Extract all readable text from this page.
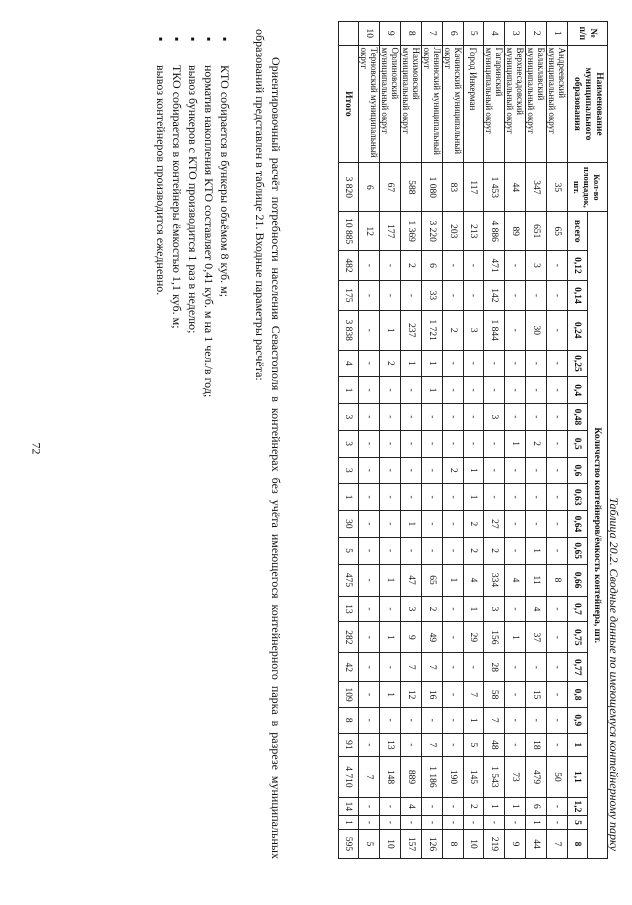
72
Таблица 20.2. Сводные данные по имеющемуся контейнерному парку
№ п/п	Наименование муниципального образования	Кол-во площадок, шт.	Количество контейнеров/ёмкость контейнера, шт.																						
			всего	0,12	0,14	0,24	0,25	0,4	0,48	0,5	0,6	0,63	0,64	0,65	0,66	0,7	0,75	0,77	0,8	0,9	1	1,1	1,2	5	8
1	Андреевский муниципальный округ	35	65	-	-	-	-	-	-	-	-	-	-	-	8	-	-	-	-	-	-	50	-	-	7
2	Балаклавский муниципальный округ	347	651	3	-	30	-	-	-	2	-	-	-	1	11	4	37	-	15	-	18	479	6	1	44
3	Верхнесадовский муниципальный округ	44	89	-	-	-	-	-	-	1	-	-	-	-	4	-	1	-	-	-	-	73	1	-	9
4	Гагаринский муниципальный округ	1 453	4 886	471	142	1 844	-	-	3	-	-	-	27	2	334	3	156	28	58	7	48	1 543	1	-	219
5	Город Инкерман	117	213	-	-	3	-	-	-	-	1	1	2	2	4	1	29	-	7	1	5	145	2	-	10
6	Качинский муниципальный округ	83	203	-	-	2	-	-	-	-	2	-	-	-	1	-	-	-	-	-	-	190	-	-	8
7	Ленинский муниципальный округ	1 080	3 220	6	33	1 721	1	1	-	-	-	-	-	-	65	2	49	7	16	-	7	1 186	-	-	126
8	Нахимовский муниципальный округ	588	1 369	2	-	237	1	-	-	-	-	-	1	-	47	3	9	7	12	-	-	889	4	-	157
9	Орлиновский муниципальный округ	67	177	-	-	1	2	-	-	-	-	-	-	-	1	-	1	-	1	-	13	148	-	-	10
10	Терновский муниципальный округ	6	12	-	-	-	-	-	-	-	-	-	-	-	-	-	-	-	-	-	-	7	-	-	5
	Итого	3 820	10 885	482	175	3 838	4	1	3	3	3	1	30	5	475	13	282	42	109	8	91	4 710	14	1	595

Ориентировочный расчёт потребности населения Севастополя в контейнерах без учёта имеющегося контейнерного парка в разрезе муниципальных образований представлен в таблице 21. Входные параметры расчёта:

▪
КТО собирается в бункеры объёмом 8 куб. м;
▪
норматив накопления КТО составляет 0,41 куб. м на 1 чел./в год;
▪
вывоз бункеров с КТО производится 1 раз в неделю;
▪
ТКО собирается в контейнеры ёмкостью 1,1 куб. м;
▪
вывоз контейнеров производится ежедневно.
